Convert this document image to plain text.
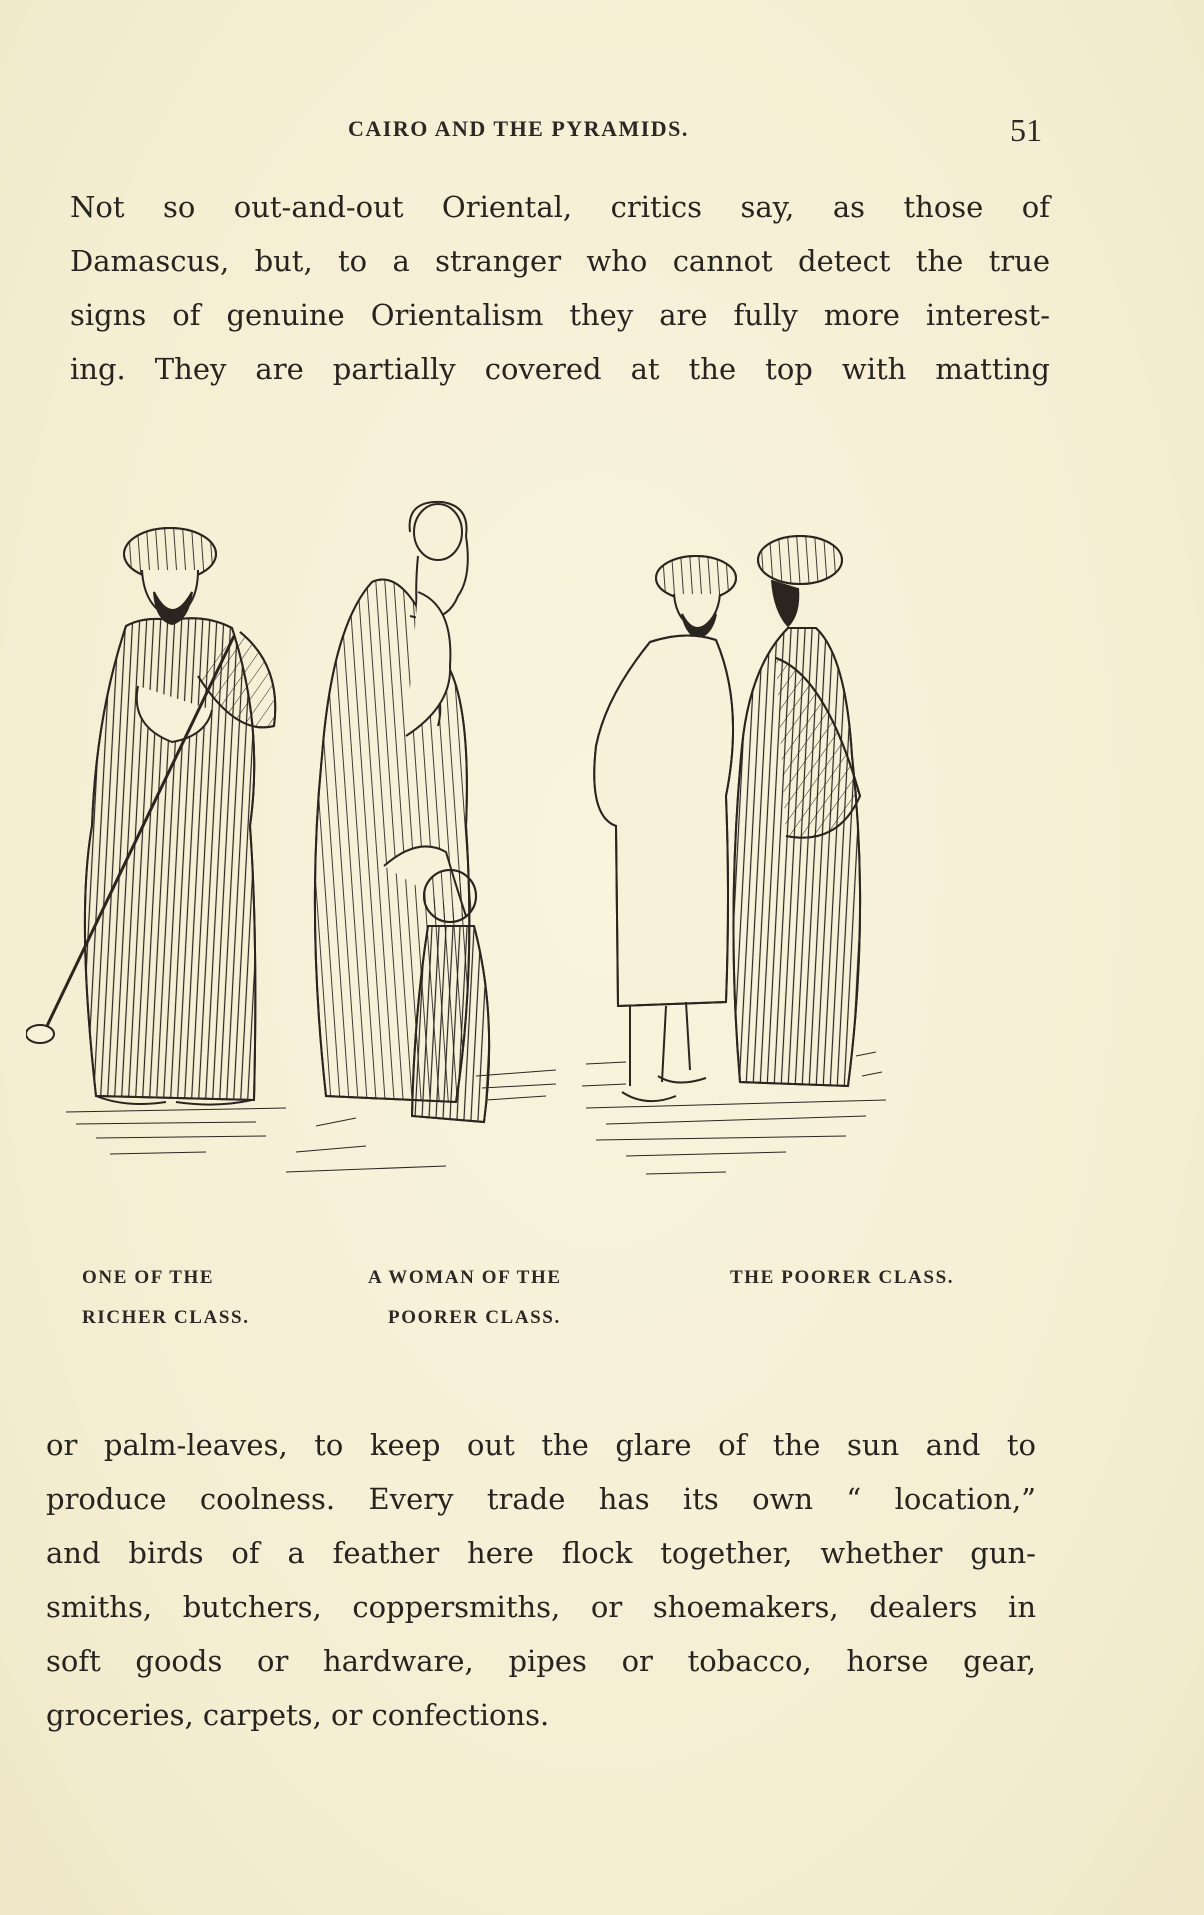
CAIRO AND THE PYRAMIDS.	51
Not so out-and-out Oriental, critics say, as those of
Damascus, but, to a stranger who cannot detect the true
signs of genuine Orientalism they are fully more interest-
ing. They are partially covered at the top with matting
ONE OF THE
RICHER CLASS.
A WOMAN OF THE
POORER CLASS.
THE POORER CLASS.
or palm-leaves, to keep out the glare of the sun and to
produce coolness. Every trade has its own “ location,”
and birds of a feather here flock together, whether gun-
smiths, butchers, coppersmiths, or shoemakers, dealers in
soft goods or hardware, pipes or tobacco, horse gear,
groceries, carpets, or confections.
